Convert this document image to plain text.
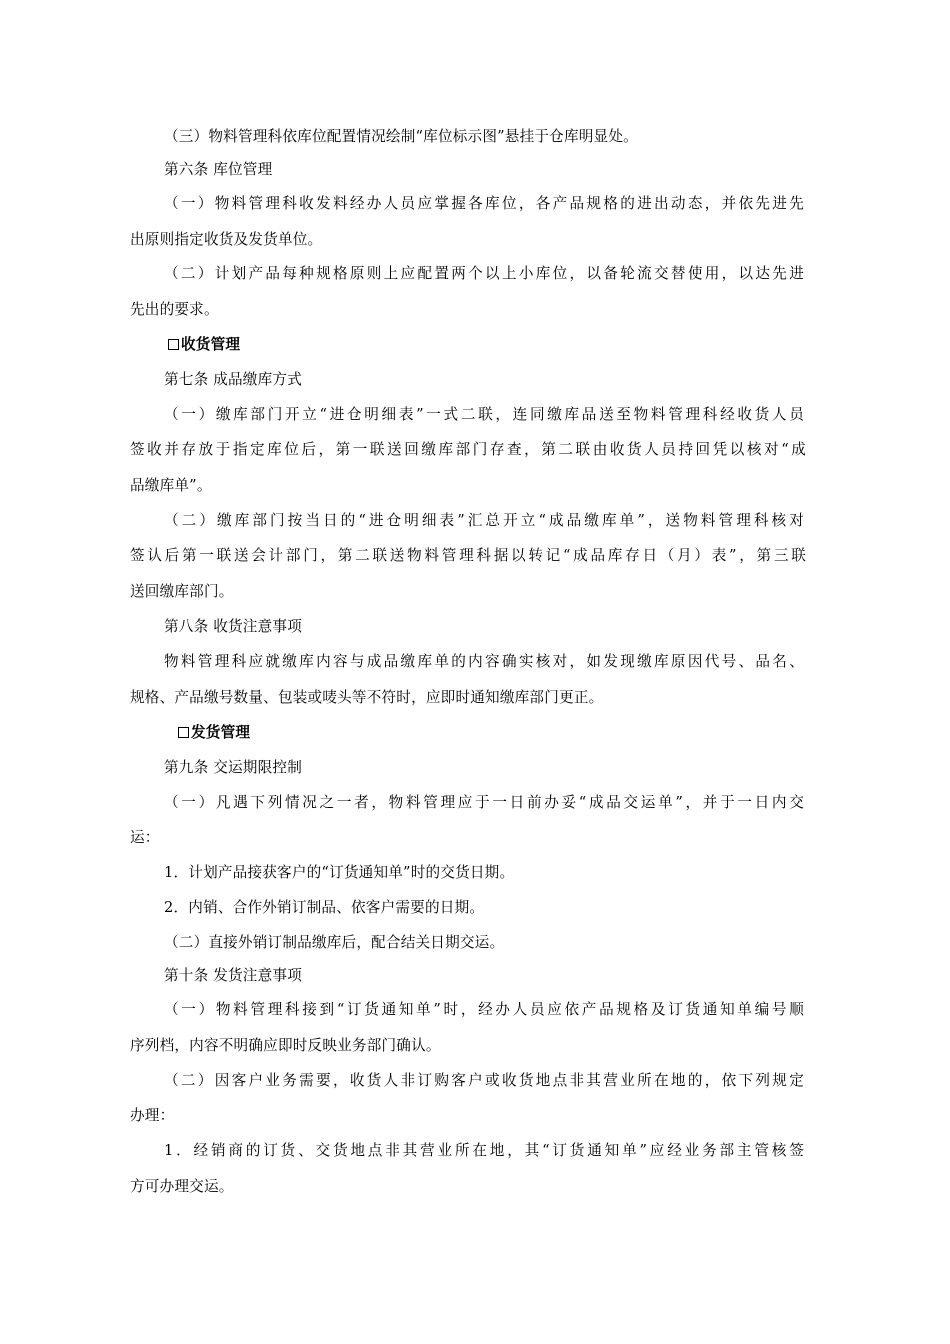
（三）物料管理科依库位配置情况绘制“库位标示图”悬挂于仓库明显处。
第六条 库位管理
（一）物料管理科收发料经办人员应掌握各库位，各产品规格的进出动态，并依先进先
出原则指定收货及发货单位。
（二）计划产品每种规格原则上应配置两个以上小库位，以备轮流交替使用，以达先进
先出的要求。
收货管理
第七条 成品缴库方式
（一）缴库部门开立“进仓明细表”一式二联，连同缴库品送至物料管理科经收货人员
签收并存放于指定库位后，第一联送回缴库部门存查，第二联由收货人员持回凭以核对“成
品缴库单”。
（二）缴库部门按当日的“进仓明细表”汇总开立“成品缴库单”，送物料管理科核对
签认后第一联送会计部门，第二联送物料管理科据以转记“成品库存日（月）表”，第三联
送回缴库部门。
第八条 收货注意事项
物料管理科应就缴库内容与成品缴库单的内容确实核对，如发现缴库原因代号、品名、
规格、产品缴号数量、包装或唛头等不符时，应即时通知缴库部门更正。
发货管理
第九条 交运期限控制
（一）凡遇下列情况之一者，物料管理应于一日前办妥“成品交运单”，并于一日内交
运：
1．计划产品接获客户的“订货通知单”时的交货日期。
2．内销、合作外销订制品、依客户需要的日期。
（二）直接外销订制品缴库后，配合结关日期交运。
第十条 发货注意事项
（一）物料管理科接到“订货通知单”时，经办人员应依产品规格及订货通知单编号顺
序列档，内容不明确应即时反映业务部门确认。
（二）因客户业务需要，收货人非订购客户或收货地点非其营业所在地的，依下列规定
办理：
1．经销商的订货、交货地点非其营业所在地，其“订货通知单”应经业务部主管核签
方可办理交运。
